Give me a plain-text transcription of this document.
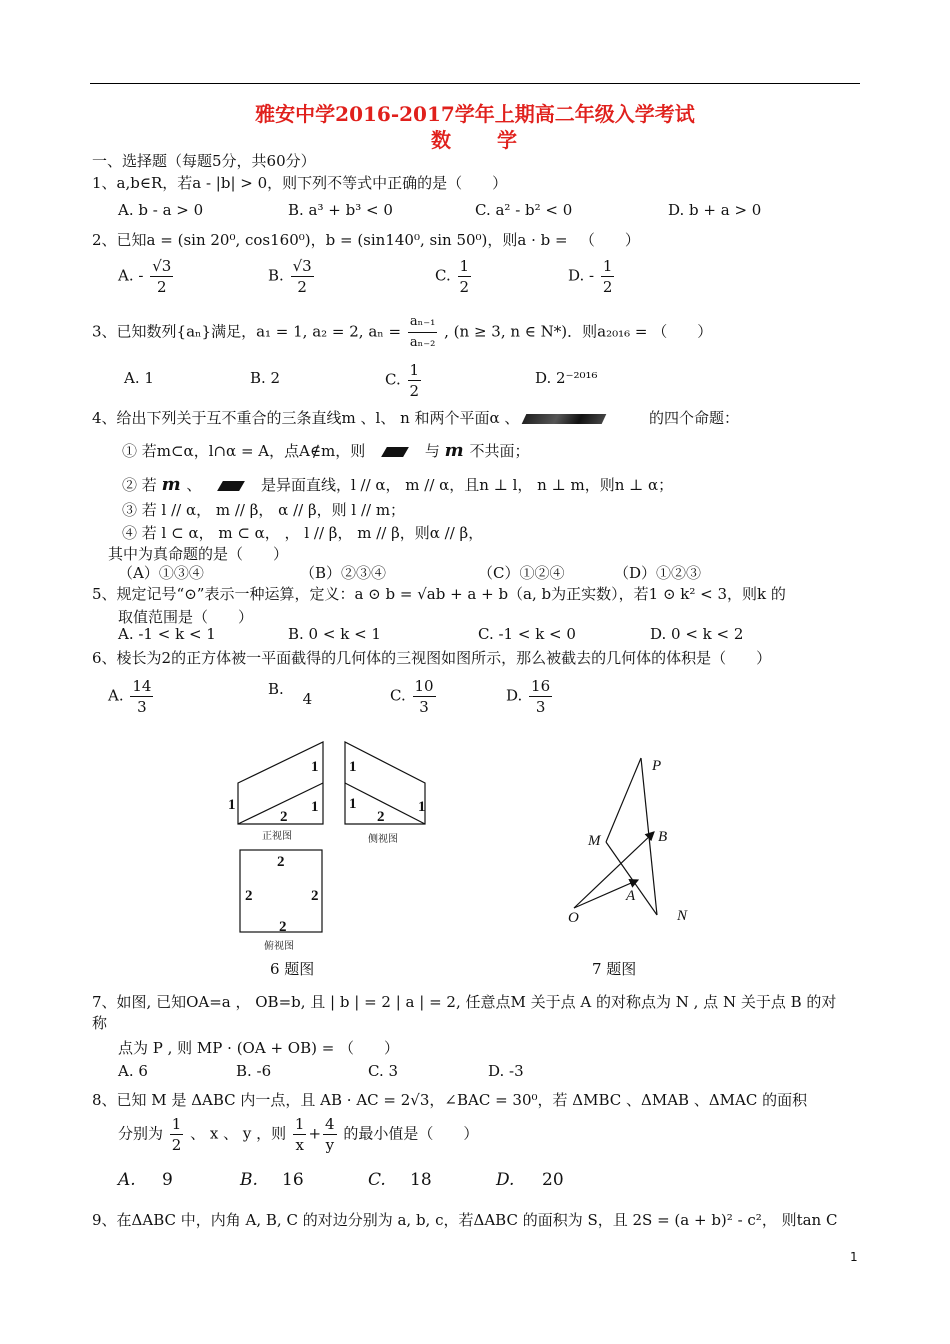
雅安中学2016-2017学年上期高二年级入学考试
数　　学
一、选择题（每题5分，共60分）
1、a,b∈R，若a - |b| > 0，则下列不等式中正确的是（　　）
A. b - a > 0	B. a³ + b³ < 0	C. a² - b² < 0	D. b + a > 0
2、已知a = (sin 20⁰, cos160⁰)，b = (sin140⁰, sin 50⁰)，则a · b = 　（　　）
A. - $\frac{√3}{2}$	B. $\frac{√3}{2}$	C. $\frac{1}{2}$	D. - $\frac{1}{2}$
3、已知数列{aₙ}满足，a₁ = 1, a₂ = 2, $a_n = \frac{\text{aₙ₋₁}}{\text{aₙ₋₂}}$ , (n ≥ 3, n ∈ N*)．则a₂₀₁₆ = （　　）
A. 1	B. 2	C. $\frac{1}{2}$	D. 2⁻²⁰¹⁶
4、给出下列关于互不重合的三条直线m 、l、 n 和两个平面α 、	的四个命题：
① 若m⊂α，l∩α = A，点A∉m，则	与 m 不共面；
② 若 m 、	是异面直线，l // α， m // α，且n ⊥ l， n ⊥ m，则n ⊥ α；
③ 若 l // α， m // β， α // β，则 l // m；
④ 若 l ⊂ α， m ⊂ α， ， l // β， m // β，则α // β，
其中为真命题的是（　　）
（A）①③④	（B）②③④	（C）①②④	（D）①②③
5、规定记号“⊙”表示一种运算，定义：a ⊙ b = √ab + a + b（a, b为正实数），若1 ⊙ k² < 3，则k 的
取值范围是（　　）
A. -1 < k < 1	B. 0 < k < 1	C. -1 < k < 0	D. 0 < k < 2
6、棱长为2的正方体被一平面截得的几何体的三视图如图所示，那么被截去的几何体的体积是（　　）
A. $\frac{14}{3}$	B. 4	C. $\frac{10}{3}$	D. $\frac{16}{3}$
1
1	1
2
1
1	1
2
2
2	2
2
正视图	侧视图
俯视图
6 题图
P
M	B
A
O	N
7 题图
7、如图, 已知OA=a ， OB=b, 且 | b | = 2 | a | = 2, 任意点M 关于点 A 的对称点为 N , 点 N 关于点 B 的对
称
点为 P , 则 MP · (OA + OB) = （　　）
A. 6	B. -6	C. 3	D. -3
8、已知 M 是 ΔABC 内一点，且 AB · AC = 2√3，∠BAC = 30⁰，若 ΔMBC 、ΔMAB 、ΔMAC 的面积
分别为 $\frac{1}{2}$ 、 x 、 y ，则 $\frac{1}{x} + \frac{4}{y}$ 的最小值是（　　）
A. 9	B. 16	C. 18	D. 20
9、在ΔABC 中，内角 A, B, C 的对边分别为 a, b, c，若ΔABC 的面积为 S，且 2S = (a + b)² - c²， 则tan C
1
